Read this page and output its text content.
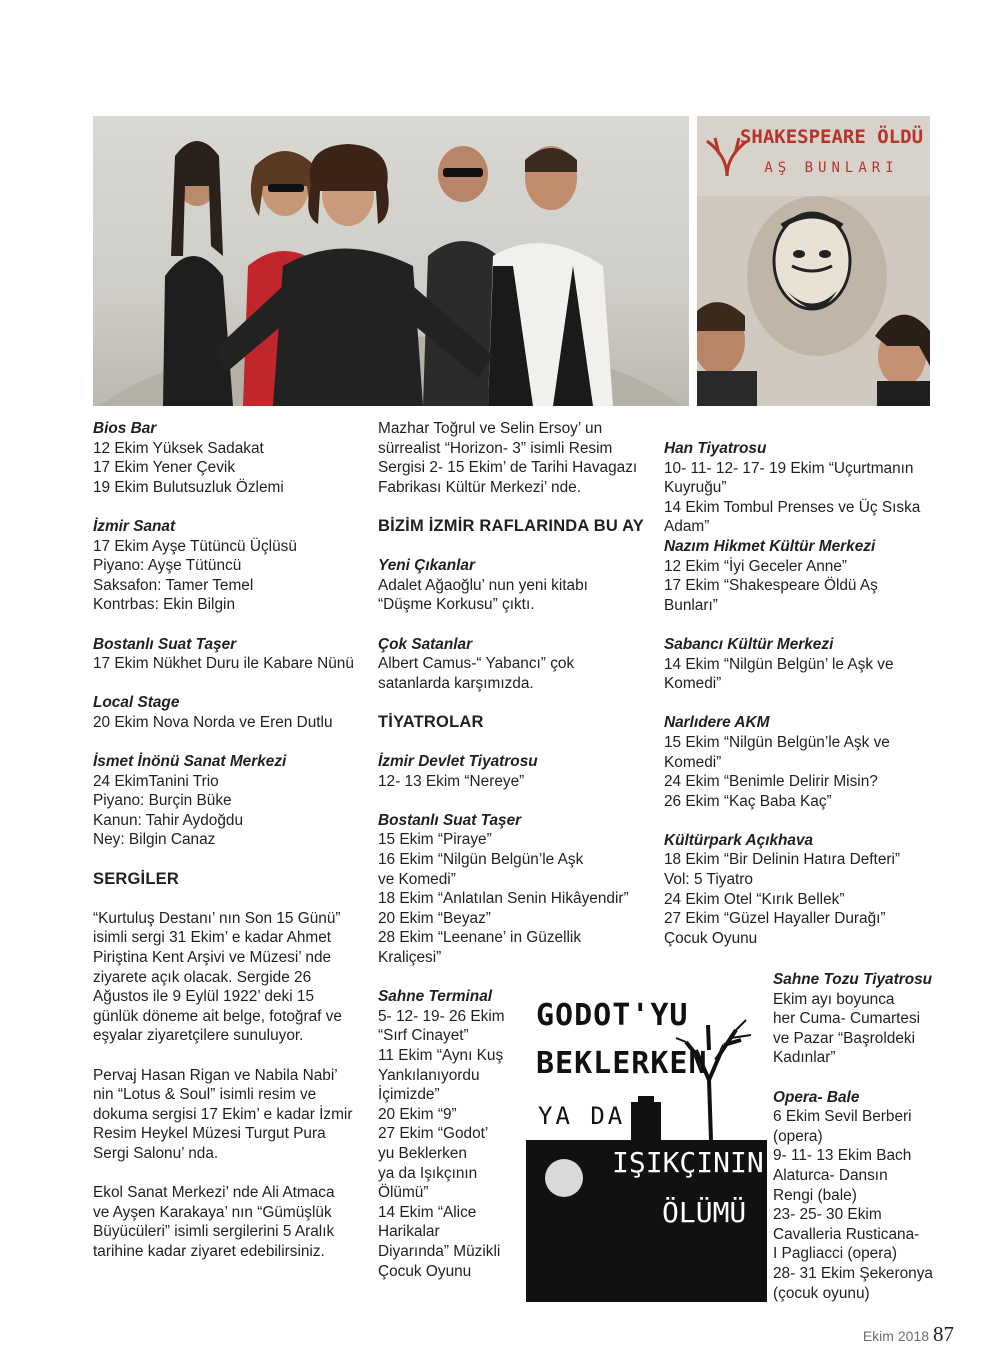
SHAKESPEARE ÖLDÜ
AŞ BUNLARI

Bios Bar

12 Ekim Yüksek Sadakat

17 Ekim Yener Çevik

19 Ekim Bulutsuzluk Özlemi

İzmir Sanat

17 Ekim Ayşe Tütüncü Üçlüsü

Piyano: Ayşe Tütüncü

Saksafon: Tamer Temel

Kontrbas: Ekin Bilgin

Bostanlı Suat Taşer

17 Ekim Nükhet Duru ile Kabare Nünü

Local Stage

20 Ekim Nova Norda ve Eren Dutlu

İsmet İnönü Sanat Merkezi

24 EkimTanini Trio

Piyano: Burçin Büke

Kanun: Tahir Aydoğdu

Ney: Bilgin Canaz

SERGİLER

“Kurtuluş Destanı’ nın Son 15 Günü”

isimli sergi 31 Ekim’ e kadar Ahmet

Piriştina Kent Arşivi ve Müzesi’ nde

ziyarete açık olacak. Sergide 26

Ağustos ile 9 Eylül 1922’ deki 15

günlük döneme ait belge, fotoğraf ve

eşyalar ziyaretçilere sunuluyor.

Pervaj Hasan Rigan ve Nabila Nabi’

nin “Lotus & Soul” isimli resim ve

dokuma sergisi 17 Ekim’ e kadar İzmir

Resim Heykel Müzesi Turgut Pura

Sergi Salonu’ nda.

Ekol Sanat Merkezi’ nde Ali Atmaca

ve Ayşen Karakaya’ nın “Gümüşlük

Büyücüleri” isimli sergilerini 5 Aralık

tarihine kadar ziyaret edebilirsiniz.

Mazhar Toğrul ve Selin Ersoy’ un

sürrealist “Horizon- 3” isimli Resim

Sergisi 2- 15 Ekim’ de Tarihi Havagazı

Fabrikası Kültür Merkezi’ nde.

BİZİM İZMİR RAFLARINDA BU AY

Yeni Çıkanlar

Adalet Ağaoğlu’ nun yeni kitabı

“Düşme Korkusu” çıktı.

Çok Satanlar

Albert Camus-“ Yabancı” çok

satanlarda karşımızda.

TİYATROLAR

İzmir Devlet Tiyatrosu

12- 13 Ekim “Nereye”

Bostanlı Suat Taşer

15 Ekim “Piraye”

16 Ekim “Nilgün Belgün’le Aşk

ve Komedi”

18 Ekim “Anlatılan Senin Hikâyendir”

20 Ekim “Beyaz”

28 Ekim “Leenane’ in Güzellik

Kraliçesi”

Sahne Terminal

5- 12- 19- 26 Ekim

“Sırf Cinayet”

11 Ekim “Aynı Kuş

Yankılanıyordu

İçimizde”

20 Ekim “9”

27 Ekim “Godot’

yu Beklerken

ya da Işıkçının

Ölümü”

14 Ekim “Alice

Harikalar

Diyarında” Müzikli

Çocuk Oyunu

GODOT'YU
BEKLERKEN
YA DA
IŞIKÇININ
ÖLÜMÜ

Han Tiyatrosu

10- 11- 12- 17- 19 Ekim “Uçurtmanın

Kuyruğu”

14 Ekim Tombul Prenses ve Üç Sıska

Adam”

Nazım Hikmet Kültür Merkezi

12 Ekim “İyi Geceler Anne”

17 Ekim “Shakespeare Öldü Aş

Bunları”

Sabancı Kültür Merkezi

14 Ekim “Nilgün Belgün’ le Aşk ve

Komedi”

Narlıdere AKM

15 Ekim “Nilgün Belgün’le Aşk ve

Komedi”

24 Ekim “Benimle Delirir Misin?

26 Ekim “Kaç Baba Kaç”

Kültürpark Açıkhava

18 Ekim “Bir Delinin Hatıra Defteri”

Vol: 5 Tiyatro

24 Ekim Otel “Kırık Bellek”

27 Ekim “Güzel Hayaller Durağı”

Çocuk Oyunu

Sahne Tozu Tiyatrosu

Ekim ayı boyunca

her Cuma- Cumartesi

ve Pazar “Başroldeki

Kadınlar”

Opera- Bale

6 Ekim Sevil Berberi

(opera)

9- 11- 13 Ekim Bach

Alaturca- Dansın

Rengi (bale)

23- 25- 30 Ekim

Cavalleria Rusticana-

I Pagliacci (opera)

28- 31 Ekim Şekeronya

(çocuk oyunu)

Ekim 2018 87
